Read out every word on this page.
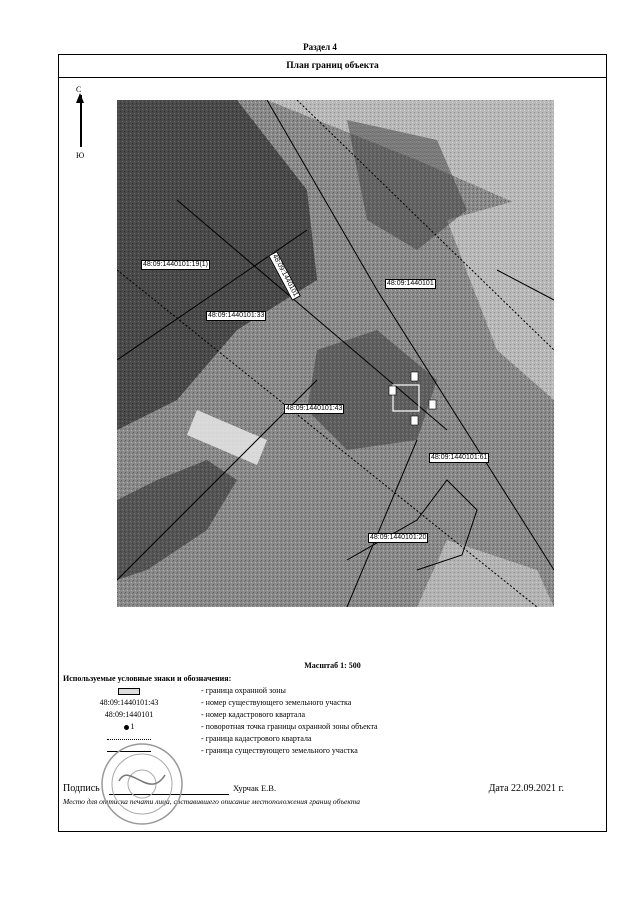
Раздел 4
План границ объекта
С
Ю
48:09:1440101:19(1)
48:09:1440101:33
48:09:1440101:43
48:09:1440101:20
48:09:1440101:61
48:09:1440101
48:09:1440101
Масштаб 1: 500
Используемые условные знаки и обозначения:
- граница охранной зоны
48:09:1440101:43	- номер существующего земельного участка
48:09:1440101	- номер кадастрового квартала
1	- поворотная точка границы охранной зоны объекта
- граница кадастрового квартала
- граница существующего земельного участка
Подпись	Хурчак Е.В.	Дата 22.09.2021 г.
Место для оттиска печати лица, составившего описание местоположения границ объекта
